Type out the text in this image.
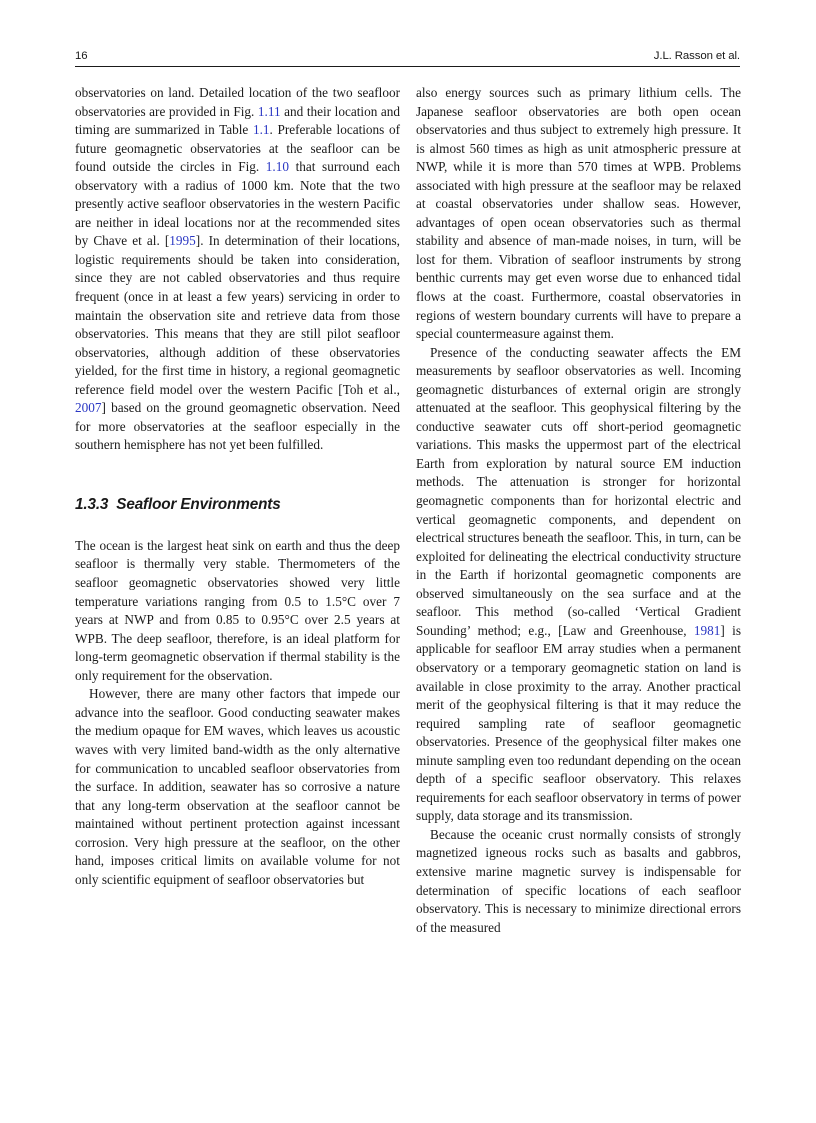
16	J.L. Rasson et al.

observatories on land. Detailed location of the two seafloor observatories are provided in Fig. 1.11 and their location and timing are summarized in Table 1.1. Preferable locations of future geomagnetic observatories at the seafloor can be found outside the circles in Fig. 1.10 that surround each observatory with a radius of 1000 km. Note that the two presently active seafloor observatories in the western Pacific are neither in ideal locations nor at the recommended sites by Chave et al. [1995]. In determination of their locations, logistic requirements should be taken into consideration, since they are not cabled observatories and thus require frequent (once in at least a few years) servicing in order to maintain the observation site and retrieve data from those observatories. This means that they are still pilot seafloor observatories, although addition of these observatories yielded, for the first time in history, a regional geomagnetic reference field model over the western Pacific [Toh et al., 2007] based on the ground geomagnetic observation. Need for more observatories at the seafloor especially in the southern hemisphere has not yet been fulfilled.

1.3.3 Seafloor Environments

The ocean is the largest heat sink on earth and thus the deep seafloor is thermally very stable. Thermometers of the seafloor geomagnetic observatories showed very little temperature variations ranging from 0.5 to 1.5°C over 7 years at NWP and from 0.85 to 0.95°C over 2.5 years at WPB. The deep seafloor, therefore, is an ideal platform for long-term geomagnetic observation if thermal stability is the only requirement for the observation.

However, there are many other factors that impede our advance into the seafloor. Good conducting seawater makes the medium opaque for EM waves, which leaves us acoustic waves with very limited band-width as the only alternative for communication to uncabled seafloor observatories from the surface. In addition, seawater has so corrosive a nature that any long-term observation at the seafloor cannot be maintained without pertinent protection against incessant corrosion. Very high pressure at the seafloor, on the other hand, imposes critical limits on available volume for not only scientific equipment of seafloor observatories but

also energy sources such as primary lithium cells. The Japanese seafloor observatories are both open ocean observatories and thus subject to extremely high pressure. It is almost 560 times as high as unit atmospheric pressure at NWP, while it is more than 570 times at WPB. Problems associated with high pressure at the seafloor may be relaxed at coastal observatories under shallow seas. However, advantages of open ocean observatories such as thermal stability and absence of man-made noises, in turn, will be lost for them. Vibration of seafloor instruments by strong benthic currents may get even worse due to enhanced tidal flows at the coast. Furthermore, coastal observatories in regions of western boundary currents will have to prepare a special countermeasure against them.

Presence of the conducting seawater affects the EM measurements by seafloor observatories as well. Incoming geomagnetic disturbances of external origin are strongly attenuated at the seafloor. This geophysical filtering by the conductive seawater cuts off short-period geomagnetic variations. This masks the uppermost part of the electrical Earth from exploration by natural source EM induction methods. The attenuation is stronger for horizontal geomagnetic components than for horizontal electric and vertical geomagnetic components, and dependent on electrical structures beneath the seafloor. This, in turn, can be exploited for delineating the electrical conductivity structure in the Earth if horizontal geomagnetic components are observed simultaneously on the sea surface and at the seafloor. This method (so-called ‘Vertical Gradient Sounding’ method; e.g., [Law and Greenhouse, 1981] is applicable for seafloor EM array studies when a permanent observatory or a temporary geomagnetic station on land is available in close proximity to the array. Another practical merit of the geophysical filtering is that it may reduce the required sampling rate of seafloor geomagnetic observatories. Presence of the geophysical filter makes one minute sampling even too redundant depending on the ocean depth of a specific seafloor observatory. This relaxes requirements for each seafloor observatory in terms of power supply, data storage and its transmission.

Because the oceanic crust normally consists of strongly magnetized igneous rocks such as basalts and gabbros, extensive marine magnetic survey is indispensable for determination of specific locations of each seafloor observatory. This is necessary to minimize directional errors of the measured
